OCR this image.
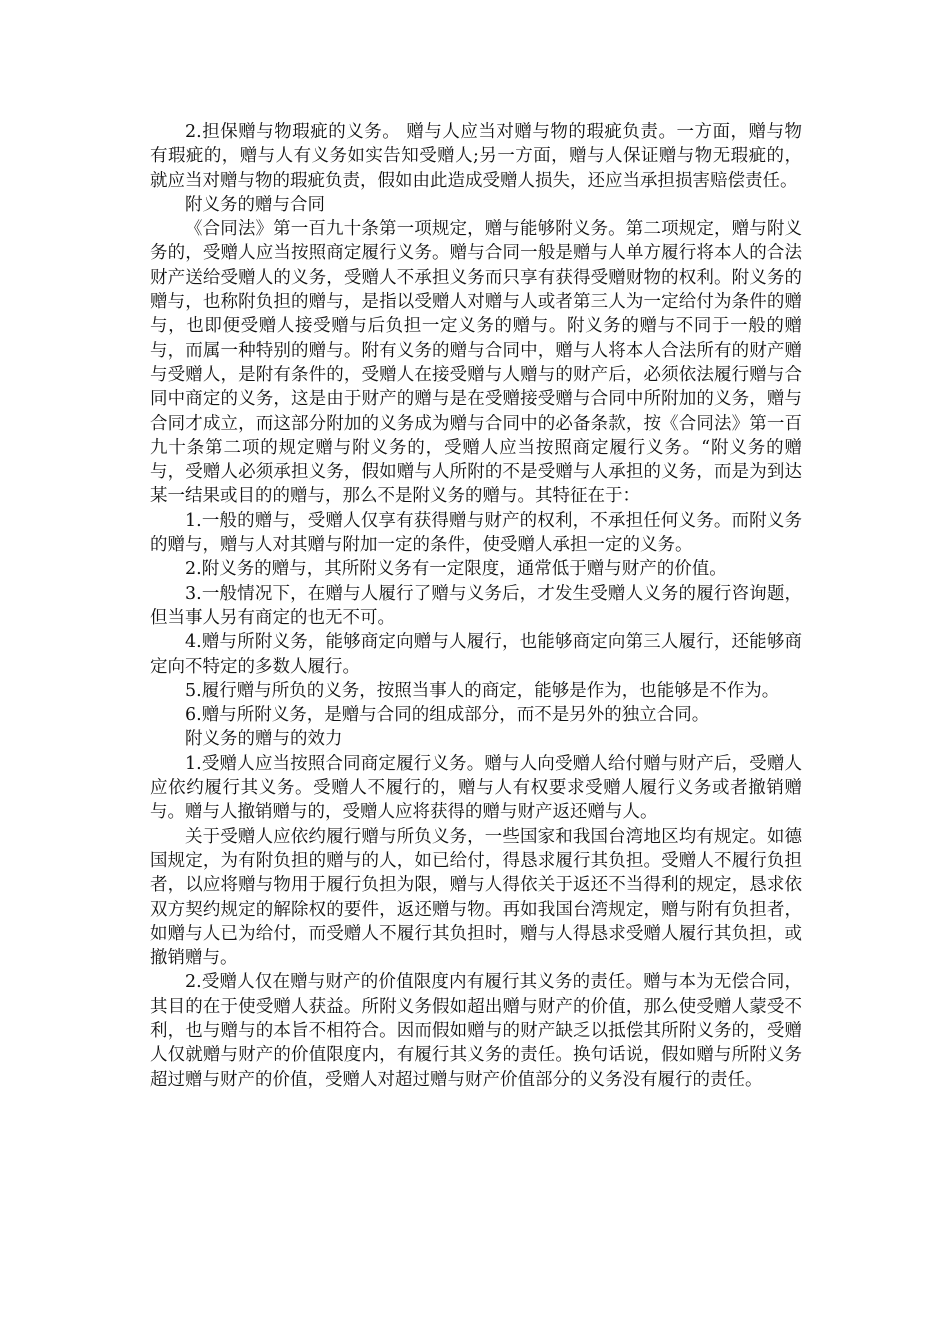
2.担保赠与物瑕疵的义务。 赠与人应当对赠与物的瑕疵负责。一方面，赠与物有瑕疵的，赠与人有义务如实告知受赠人;另一方面，赠与人保证赠与物无瑕疵的，就应当对赠与物的瑕疵负责，假如由此造成受赠人损失，还应当承担损害赔偿责任。

附义务的赠与合同

《合同法》第一百九十条第一项规定，赠与能够附义务。第二项规定，赠与附义务的，受赠人应当按照商定履行义务。赠与合同一般是赠与人单方履行将本人的合法财产送给受赠人的义务，受赠人不承担义务而只享有获得受赠财物的权利。附义务的赠与，也称附负担的赠与，是指以受赠人对赠与人或者第三人为一定给付为条件的赠与，也即便受赠人接受赠与后负担一定义务的赠与。附义务的赠与不同于一般的赠与，而属一种特别的赠与。附有义务的赠与合同中，赠与人将本人合法所有的财产赠与受赠人，是附有条件的，受赠人在接受赠与人赠与的财产后，必须依法履行赠与合同中商定的义务，这是由于财产的赠与是在受赠接受赠与合同中所附加的义务，赠与合同才成立，而这部分附加的义务成为赠与合同中的必备条款，按《合同法》第一百九十条第二项的规定赠与附义务的，受赠人应当按照商定履行义务。“附义务的赠与，受赠人必须承担义务，假如赠与人所附的不是受赠与人承担的义务，而是为到达某一结果或目的的赠与，那么不是附义务的赠与。其特征在于：

1.一般的赠与，受赠人仅享有获得赠与财产的权利，不承担任何义务。而附义务的赠与，赠与人对其赠与附加一定的条件，使受赠人承担一定的义务。

2.附义务的赠与，其所附义务有一定限度，通常低于赠与财产的价值。

3.一般情况下，在赠与人履行了赠与义务后，才发生受赠人义务的履行咨询题，但当事人另有商定的也无不可。

4.赠与所附义务，能够商定向赠与人履行，也能够商定向第三人履行，还能够商定向不特定的多数人履行。

5.履行赠与所负的义务，按照当事人的商定，能够是作为，也能够是不作为。

6.赠与所附义务，是赠与合同的组成部分，而不是另外的独立合同。

附义务的赠与的效力

1.受赠人应当按照合同商定履行义务。赠与人向受赠人给付赠与财产后，受赠人应依约履行其义务。受赠人不履行的，赠与人有权要求受赠人履行义务或者撤销赠与。赠与人撤销赠与的，受赠人应将获得的赠与财产返还赠与人。

关于受赠人应依约履行赠与所负义务，一些国家和我国台湾地区均有规定。如德国规定，为有附负担的赠与的人，如已给付，得恳求履行其负担。受赠人不履行负担者，以应将赠与物用于履行负担为限，赠与人得依关于返还不当得利的规定，恳求依双方契约规定的解除权的要件，返还赠与物。再如我国台湾规定，赠与附有负担者，如赠与人已为给付，而受赠人不履行其负担时，赠与人得恳求受赠人履行其负担，或撤销赠与。

2.受赠人仅在赠与财产的价值限度内有履行其义务的责任。赠与本为无偿合同，其目的在于使受赠人获益。所附义务假如超出赠与财产的价值，那么使受赠人蒙受不利，也与赠与的本旨不相符合。因而假如赠与的财产缺乏以抵偿其所附义务的，受赠人仅就赠与财产的价值限度内，有履行其义务的责任。换句话说，假如赠与所附义务超过赠与财产的价值，受赠人对超过赠与财产价值部分的义务没有履行的责任。
